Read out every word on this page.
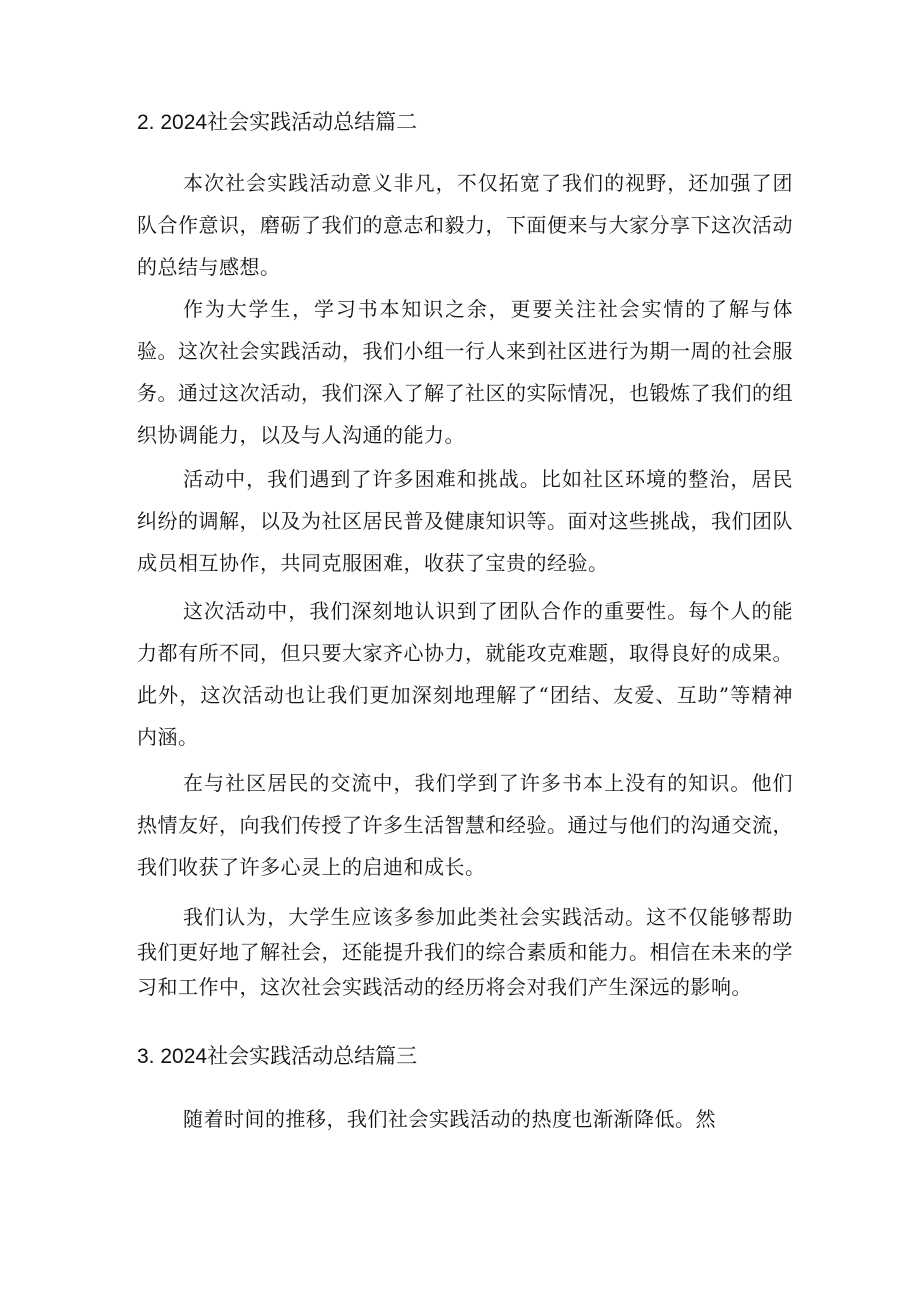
2. 2024社会实践活动总结篇二

本次社会实践活动意义非凡，不仅拓宽了我们的视野，还加强了团队合作意识，磨砺了我们的意志和毅力，下面便来与大家分享下这次活动的总结与感想。

作为大学生，学习书本知识之余，更要关注社会实情的了解与体验。这次社会实践活动，我们小组一行人来到社区进行为期一周的社会服务。通过这次活动，我们深入了解了社区的实际情况，也锻炼了我们的组织协调能力，以及与人沟通的能力。

活动中，我们遇到了许多困难和挑战。比如社区环境的整治，居民纠纷的调解，以及为社区居民普及健康知识等。面对这些挑战，我们团队成员相互协作，共同克服困难，收获了宝贵的经验。

这次活动中，我们深刻地认识到了团队合作的重要性。每个人的能力都有所不同，但只要大家齐心协力，就能攻克难题，取得良好的成果。此外，这次活动也让我们更加深刻地理解了“团结、友爱、互助”等精神内涵。

在与社区居民的交流中，我们学到了许多书本上没有的知识。他们热情友好，向我们传授了许多生活智慧和经验。通过与他们的沟通交流，我们收获了许多心灵上的启迪和成长。

我们认为，大学生应该多参加此类社会实践活动。这不仅能够帮助我们更好地了解社会，还能提升我们的综合素质和能力。相信在未来的学习和工作中，这次社会实践活动的经历将会对我们产生深远的影响。

3. 2024社会实践活动总结篇三

随着时间的推移，我们社会实践活动的热度也渐渐降低。然
